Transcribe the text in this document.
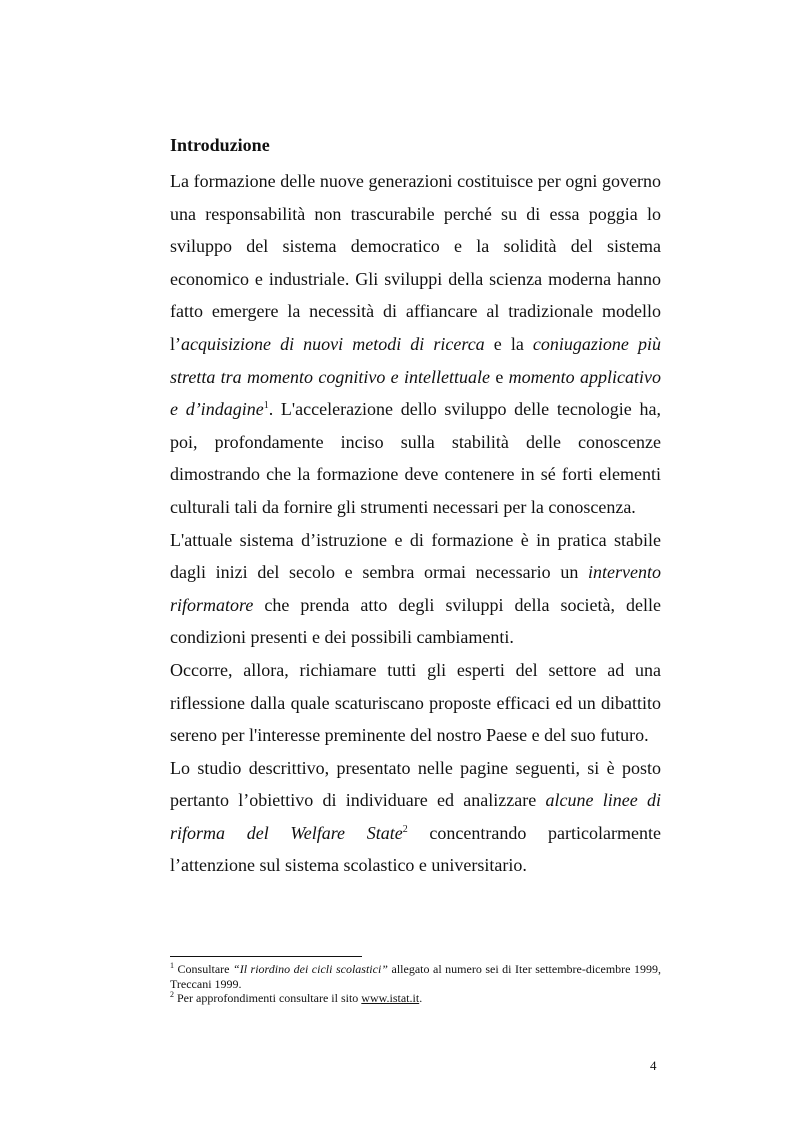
Introduzione

La formazione delle nuove generazioni costituisce per ogni governo una responsabilità non trascurabile perché su di essa poggia lo sviluppo del sistema democratico e la solidità del sistema economico e industriale. Gli sviluppi della scienza moderna hanno fatto emergere la necessità di affiancare al tradizionale modello l’acquisizione di nuovi metodi di ricerca e la coniugazione più stretta tra momento cognitivo e intellettuale e momento applicativo e d’indagine$^1$. L'accelerazione dello sviluppo delle tecnologie ha, poi, profondamente inciso sulla stabilità delle conoscenze dimostrando che la formazione deve contenere in sé forti elementi culturali tali da fornire gli strumenti necessari per la conoscenza.

L'attuale sistema d’istruzione e di formazione è in pratica stabile dagli inizi del secolo e sembra ormai necessario un intervento riformatore che prenda atto degli sviluppi della società, delle condizioni presenti e dei possibili cambiamenti.

Occorre, allora, richiamare tutti gli esperti del settore ad una riflessione dalla quale scaturiscano proposte efficaci ed un dibattito sereno per l'interesse preminente del nostro Paese e del suo futuro.

Lo studio descrittivo, presentato nelle pagine seguenti, si è posto pertanto l’obiettivo di individuare ed analizzare alcune linee di riforma del Welfare State$^2$ concentrando particolarmente l’attenzione sul sistema scolastico e universitario.

$^1$ Consultare “Il riordino dei cicli scolastici” allegato al numero sei di Iter settembre-dicembre 1999, Treccani 1999.

$^2$ Per approfondimenti consultare il sito www.istat.it.

4
